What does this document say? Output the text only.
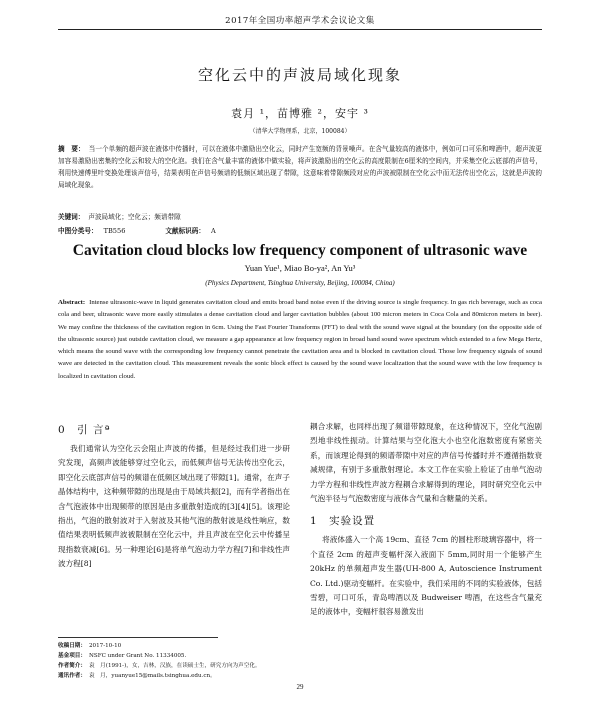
2017年全国功率超声学术会议论文集
空化云中的声波局域化现象
袁月 ¹，苗博雅 ²，安宇 ³
（清华大学物理系，北京，100084）
摘　要： 当一个单频的超声波在液体中传播时，可以在液体中激励出空化云，同时产生宽频的背景噪声。在含气量较高的液体中，例如可口可乐和啤酒中，超声波更加容易激励出密集的空化云和较大的空化泡。我们在含气量丰富的液体中做实验，将声波激励出的空化云的高度限制在6厘米的空间内，并采集空化云底部的声信号，利用快速傅里叶变换处理该声信号，结果表明在声信号频谱的低频区域出现了带隙，这意味着带隙频段对应的声波被限制在空化云中而无法传出空化云，这就是声波的局域化现象。
关键词： 声波局域化；空化云；频谱带隙
中图分类号： TB556	文献标识码： A
Cavitation cloud blocks low frequency component of ultrasonic wave
Yuan Yue¹, Miao Bo-ya², An Yu³
(Physics Department, Tsinghua University, Beijing, 100084, China)
Abstract: Intense ultrasonic-wave in liquid generates cavitation cloud and emits broad band noise even if the driving source is single frequency. In gas rich beverage, such as coca cola and beer, ultrasonic wave more easily stimulates a dense cavitation cloud and larger cavitation bubbles (about 100 micron meters in Coca Cola and 80micron meters in beer). We may confine the thickness of the cavitation region in 6cm. Using the Fast Fourier Transforms (FFT) to deal with the sound wave signal at the boundary (on the opposite side of the ultrasonic source) just outside cavitation cloud, we measure a gap appearance at low frequency region in broad band sound wave spectrum which extended to a few Mega Hertz, which means the sound wave with the corresponding low frequency cannot penetrate the cavitation area and is blocked in cavitation cloud. Those low frequency signals of sound wave are detected in the cavitation cloud. This measurement reveals the sonic block effect is caused by the sound wave localization that the sound wave with the low frequency is localized in cavitation cloud.
0　引 言ª

我们通常认为空化云会阻止声波的传播，但是经过我们进一步研究发现，高频声波能够穿过空化云，而低频声信号无法传出空化云，即空化云底部声信号的频谱在低频区域出现了带隙[1]。通常，在声子晶体结构中，这种频带隙的出现是由于局域共振[2]，而有学者指出在含气泡液体中出现频带的原因是由多重散射造成的[3][4][5]。该理论指出，气泡的散射波对于入射波及其他气泡的散射波是线性响应，数值结果表明低频声波被限制在空化云中，并且声波在空化云中传播呈现指数衰减[6]。另一种理论[6]是将单气泡动力学方程[7]和非线性声波方程[8]

耦合求解，也同样出现了频谱带隙现象，在这种情况下，空化气泡剧烈地非线性振动。计算结果与空化泡大小也空化泡数密度有紧密关系，而该理论得到的频谱带隙中对应的声信号传播时并不遵循指数衰减规律，有别于多重散射理论。本文工作在实验上验证了由单气泡动力学方程和非线性声波方程耦合求解得到的理论，同时研究空化云中气泡半径与气泡数密度与液体含气量和含糖量的关系。

1　实验设置

将液体盛入一个高 19cm、直径 7cm 的圆柱形玻璃容器中，将一个直径 2cm 的超声变幅杆深入液面下 5mm,同时用一个能够产生 20kHz 的单频超声发生器(UH-800 A, Autoscience Instrument Co. Ltd.)驱动变幅杆。在实验中，我们采用的不同的实验液体，包括雪碧，可口可乐，青岛啤酒以及 Budweiser 啤酒，在这些含气量充足的液体中，变幅杆很容易激发出

收稿日期： 2017-10-10
基金项目： NSFC under Grant No. 11334005.
作者简介： 袁　月(1991-)，女，吉林，汉族，在读硕士生，研究方向为声空化。
通讯作者： 袁　月，yuanyue15@mails.tsinghua.edu.cn。
29
